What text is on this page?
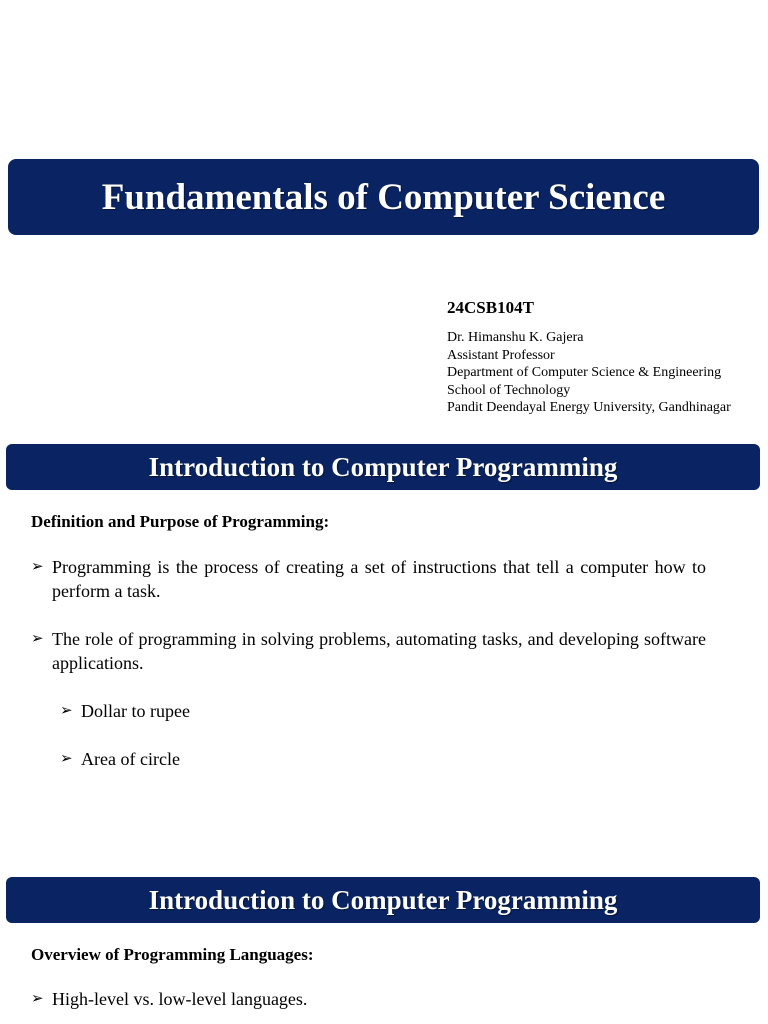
Fundamentals of Computer Science
24CSB104T
Dr. Himanshu K. Gajera
Assistant Professor
Department of Computer Science & Engineering
School of Technology
Pandit Deendayal Energy University, Gandhinagar
Introduction to Computer Programming
Definition and Purpose of Programming:
➢ Programming is the process of creating a set of instructions that tell a computer how to perform a task.
➢ The role of programming in solving problems, automating tasks, and developing software applications.
➢ Dollar to rupee
➢ Area of circle
Introduction to Computer Programming
Overview of Programming Languages:
➢ High-level vs. low-level languages.
